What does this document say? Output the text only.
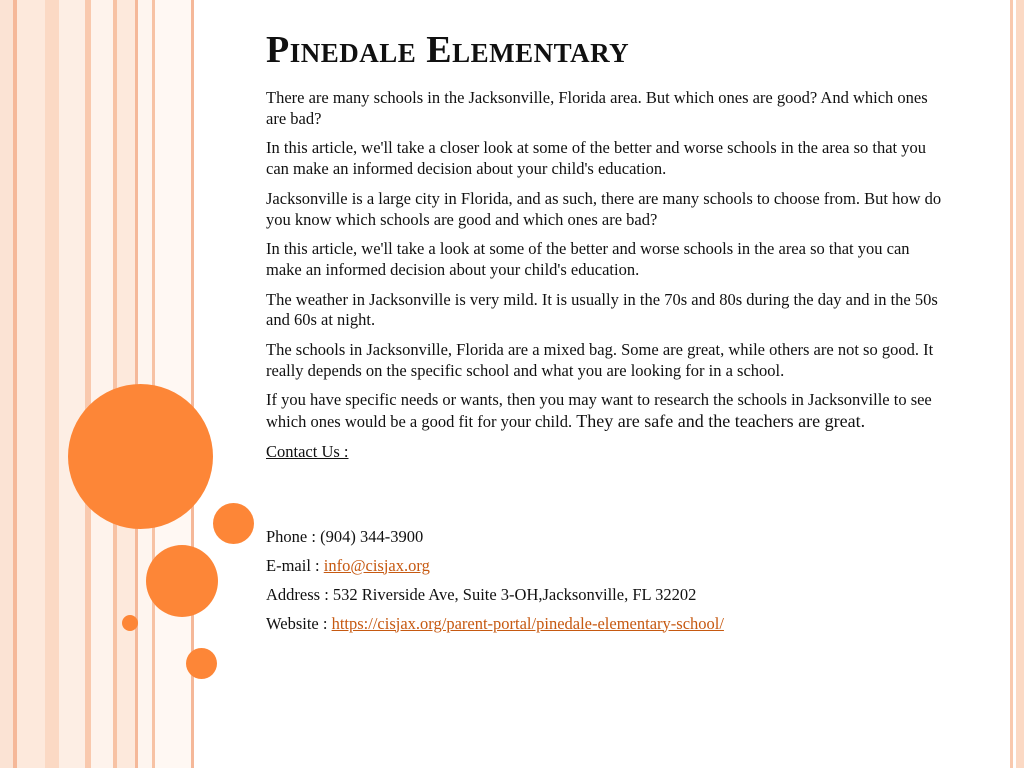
Pinedale Elementary

There are many schools in the Jacksonville, Florida area. But which ones are good? And which ones are bad?

In this article, we'll take a closer look at some of the better and worse schools in the area so that you can make an informed decision about your child's education.

Jacksonville is a large city in Florida, and as such, there are many schools to choose from. But how do you know which schools are good and which ones are bad?

In this article, we'll take a look at some of the better and worse schools in the area so that you can make an informed decision about your child's education.

The weather in Jacksonville is very mild. It is usually in the 70s and 80s during the day and in the 50s and 60s at night.

The schools in Jacksonville, Florida are a mixed bag. Some are great, while others are not so good. It really depends on the specific school and what you are looking for in a school.

If you have specific needs or wants, then you may want to research the schools in Jacksonville to see which ones would be a good fit for your child. They are safe and the teachers are great.

Contact Us :

Phone : (904) 344-3900

E-mail : info@cisjax.org

Address : 532 Riverside Ave, Suite 3-OH,Jacksonville, FL 32202

Website : https://cisjax.org/parent-portal/pinedale-elementary-school/
